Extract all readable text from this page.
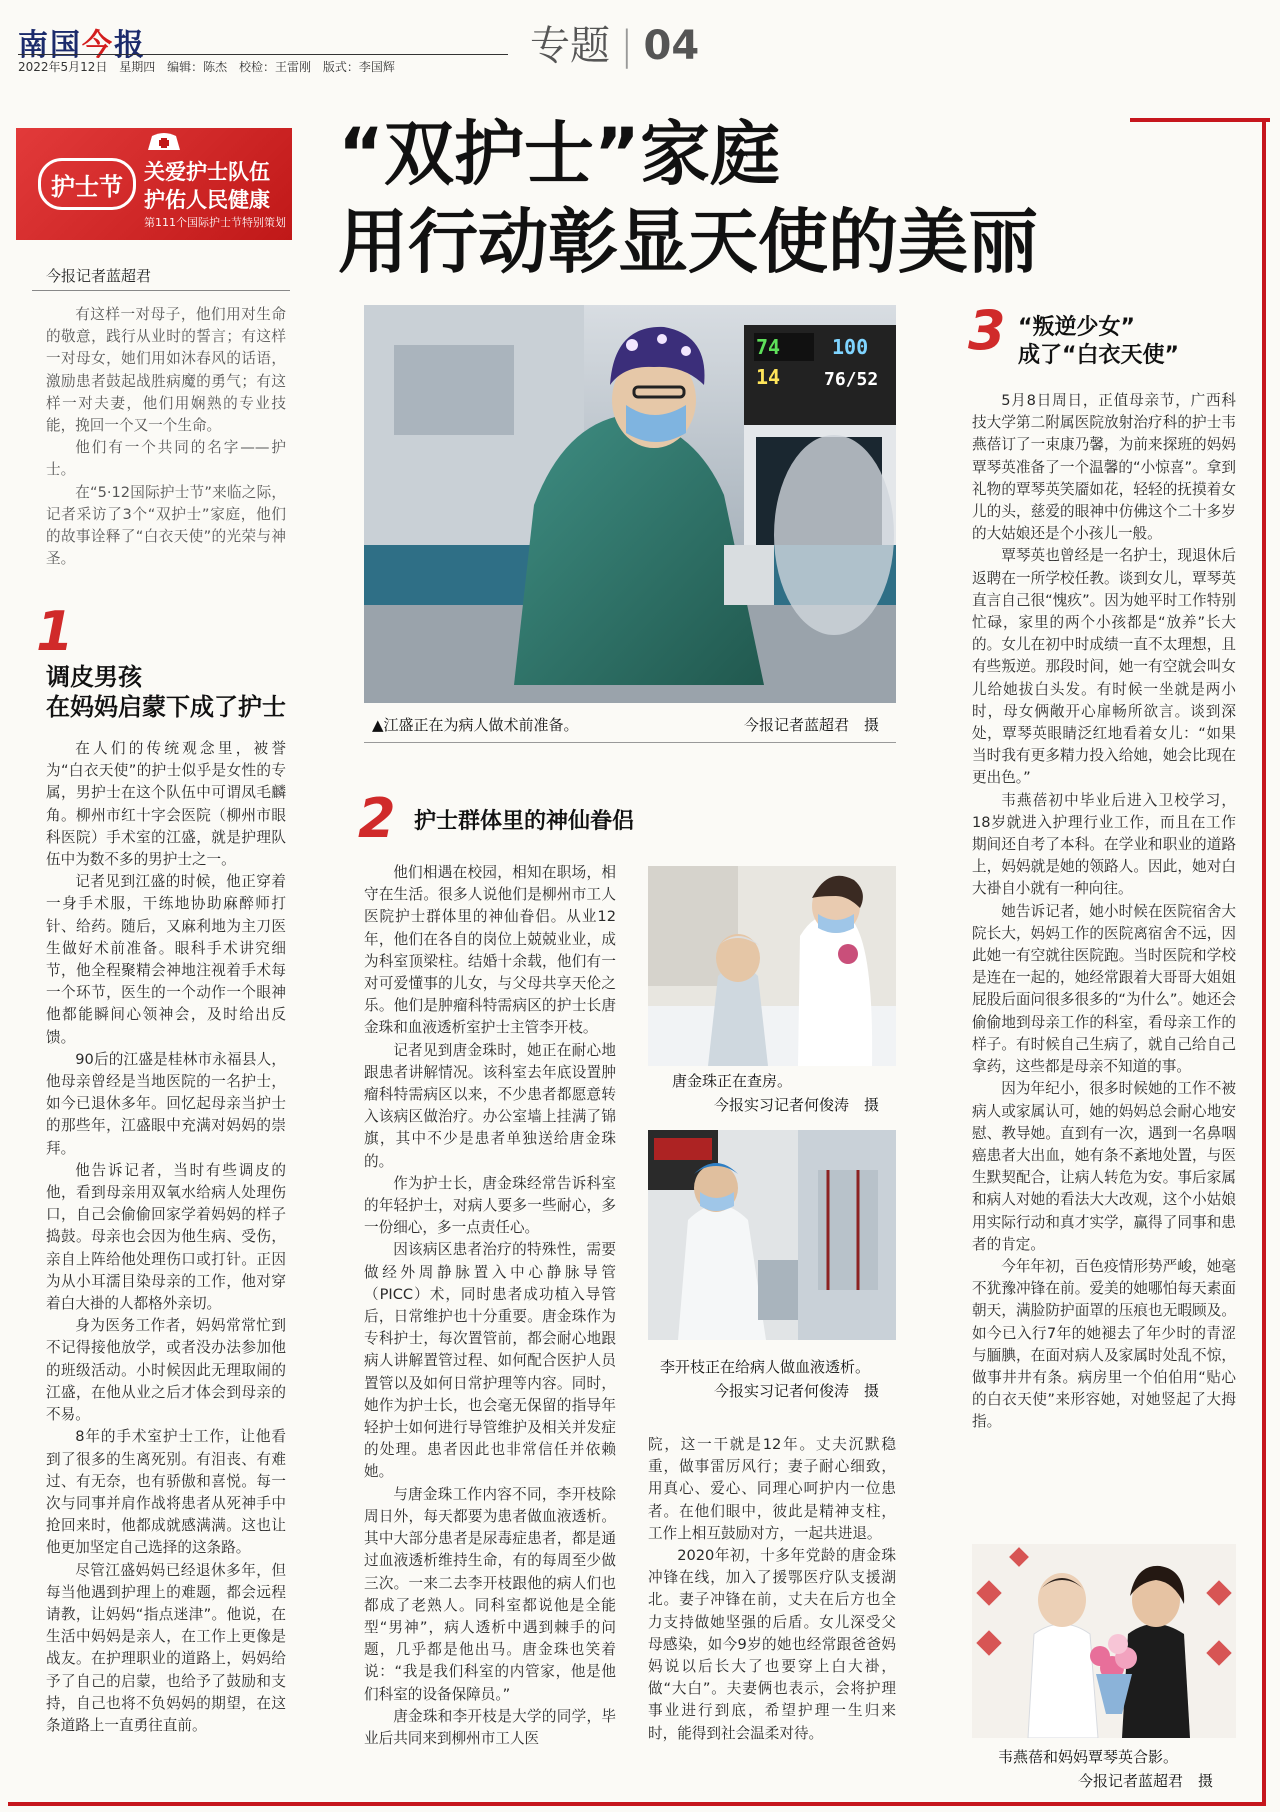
南国今报
2022年5月12日 星期四 编辑：陈杰 校检：王雷刚 版式：李国辉	专题 | 04
护士节
关爱护士队伍
护佑人民健康
第111个国际护士节特别策划
“双护士”家庭
用行动彰显天使的美丽
今报记者蓝超君

有这样一对母子，他们用对生命的敬意，践行从业时的誓言；有这样一对母女，她们用如沐春风的话语，激励患者鼓起战胜病魔的勇气；有这样一对夫妻，他们用娴熟的专业技能，挽回一个又一个生命。

他们有一个共同的名字——护士。

在“5·12国际护士节”来临之际，记者采访了3个“双护士”家庭，他们的故事诠释了“白衣天使”的光荣与神圣。

1
调皮男孩
在妈妈启蒙下成了护士

在人们的传统观念里，被誉为“白衣天使”的护士似乎是女性的专属，男护士在这个队伍中可谓凤毛麟角。柳州市红十字会医院（柳州市眼科医院）手术室的江盛，就是护理队伍中为数不多的男护士之一。

记者见到江盛的时候，他正穿着一身手术服，干练地协助麻醉师打针、给药。随后，又麻利地为主刀医生做好术前准备。眼科手术讲究细节，他全程聚精会神地注视着手术每一个环节，医生的一个动作一个眼神他都能瞬间心领神会，及时给出反馈。

90后的江盛是桂林市永福县人，他母亲曾经是当地医院的一名护士，如今已退休多年。回忆起母亲当护士的那些年，江盛眼中充满对妈妈的崇拜。

他告诉记者，当时有些调皮的他，看到母亲用双氧水给病人处理伤口，自己会偷偷回家学着妈妈的样子捣鼓。母亲也会因为他生病、受伤，亲自上阵给他处理伤口或打针。正因为从小耳濡目染母亲的工作，他对穿着白大褂的人都格外亲切。

身为医务工作者，妈妈常常忙到不记得接他放学，或者没办法参加他的班级活动。小时候因此无理取闹的江盛，在他从业之后才体会到母亲的不易。

8年的手术室护士工作，让他看到了很多的生离死别。有泪丧、有难过、有无奈，也有骄傲和喜悦。每一次与同事并肩作战将患者从死神手中抢回来时，他都成就感满满。这也让他更加坚定自己选择的这条路。

尽管江盛妈妈已经退休多年，但每当他遇到护理上的难题，都会远程请教，让妈妈“指点迷津”。他说，在生活中妈妈是亲人，在工作上更像是战友。在护理职业的道路上，妈妈给予了自己的启蒙，也给予了鼓励和支持，自己也将不负妈妈的期望，在这条道路上一直勇往直前。

74	100
14 76/52
▲江盛正在为病人做术前准备。	今报记者蓝超君　摄
2 护士群体里的神仙眷侣

他们相遇在校园，相知在职场，相守在生活。很多人说他们是柳州市工人医院护士群体里的神仙眷侣。从业12年，他们在各自的岗位上兢兢业业，成为科室顶梁柱。结婚十余载，他们有一对可爱懂事的儿女，与父母共享天伦之乐。他们是肿瘤科特需病区的护士长唐金珠和血液透析室护士主管李开枝。

记者见到唐金珠时，她正在耐心地跟患者讲解情况。该科室去年底设置肿瘤科特需病区以来，不少患者都愿意转入该病区做治疗。办公室墙上挂满了锦旗，其中不少是患者单独送给唐金珠的。

作为护士长，唐金珠经常告诉科室的年轻护士，对病人要多一些耐心，多一份细心，多一点责任心。

因该病区患者治疗的特殊性，需要做经外周静脉置入中心静脉导管（PICC）术，同时患者成功植入导管后，日常维护也十分重要。唐金珠作为专科护士，每次置管前，都会耐心地跟病人讲解置管过程、如何配合医护人员置管以及如何日常护理等内容。同时，她作为护士长，也会毫无保留的指导年轻护士如何进行导管维护及相关并发症的处理。患者因此也非常信任并依赖她。

与唐金珠工作内容不同，李开枝除周日外，每天都要为患者做血液透析。其中大部分患者是尿毒症患者，都是通过血液透析维持生命，有的每周至少做三次。一来二去李开枝跟他的病人们也都成了老熟人。同科室都说他是全能型“男神”，病人透析中遇到棘手的问题，几乎都是他出马。唐金珠也笑着说：“我是我们科室的内管家，他是他们科室的设备保障员。”

唐金珠和李开枝是大学的同学，毕业后共同来到柳州市工人医

唐金珠正在查房。
今报实习记者何俊涛　摄
李开枝正在给病人做血液透析。
今报实习记者何俊涛　摄

院，这一干就是12年。丈夫沉默稳重，做事雷厉风行；妻子耐心细致，用真心、爱心、同理心呵护内一位患者。在他们眼中，彼此是精神支柱，工作上相互鼓励对方，一起共进退。

2020年初，十多年党龄的唐金珠冲锋在线，加入了援鄂医疗队支援湖北。妻子冲锋在前，丈夫在后方也全力支持做她坚强的后盾。女儿深受父母感染，如今9岁的她也经常跟爸爸妈妈说以后长大了也要穿上白大褂，做“大白”。夫妻俩也表示，会将护理事业进行到底，希望护理一生归来时，能得到社会温柔对待。

3 “叛逆少女”
成了“白衣天使”

5月8日周日，正值母亲节，广西科技大学第二附属医院放射治疗科的护士韦燕蓓订了一束康乃馨，为前来探班的妈妈覃琴英准备了一个温馨的“小惊喜”。拿到礼物的覃琴英笑靥如花，轻轻的抚摸着女儿的头，慈爱的眼神中仿佛这个二十多岁的大姑娘还是个小孩儿一般。

覃琴英也曾经是一名护士，现退休后返聘在一所学校任教。谈到女儿，覃琴英直言自己很“愧疚”。因为她平时工作特别忙碌，家里的两个小孩都是“放养”长大的。女儿在初中时成绩一直不太理想，且有些叛逆。那段时间，她一有空就会叫女儿给她拔白头发。有时候一坐就是两小时，母女俩敞开心扉畅所欲言。谈到深处，覃琴英眼睛泛红地看着女儿：“如果当时我有更多精力投入给她，她会比现在更出色。”

韦燕蓓初中毕业后进入卫校学习，18岁就进入护理行业工作，而且在工作期间还自考了本科。在学业和职业的道路上，妈妈就是她的领路人。因此，她对白大褂自小就有一种向往。

她告诉记者，她小时候在医院宿舍大院长大，妈妈工作的医院离宿舍不远，因此她一有空就往医院跑。当时医院和学校是连在一起的，她经常跟着大哥哥大姐姐屁股后面问很多很多的“为什么”。她还会偷偷地到母亲工作的科室，看母亲工作的样子。有时候自己生病了，就自己给自己拿药，这些都是母亲不知道的事。

因为年纪小，很多时候她的工作不被病人或家属认可，她的妈妈总会耐心地安慰、教导她。直到有一次，遇到一名鼻咽癌患者大出血，她有条不紊地处置，与医生默契配合，让病人转危为安。事后家属和病人对她的看法大大改观，这个小姑娘用实际行动和真才实学，赢得了同事和患者的肯定。

今年年初，百色疫情形势严峻，她毫不犹豫冲锋在前。爱美的她哪怕每天素面朝天，满脸防护面罩的压痕也无暇顾及。如今已入行7年的她褪去了年少时的青涩与腼腆，在面对病人及家属时处乱不惊，做事井井有条。病房里一个伯伯用“贴心的白衣天使”来形容她，对她竖起了大拇指。

韦燕蓓和妈妈覃琴英合影。
今报记者蓝超君　摄
